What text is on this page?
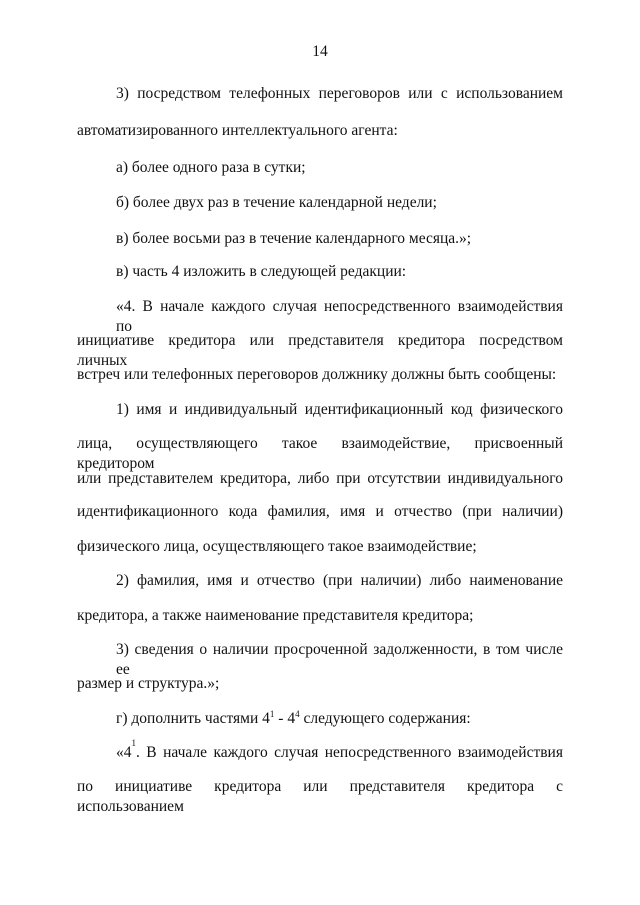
14
3) посредством телефонных переговоров или с использованием
автоматизированного интеллектуального агента:
а) более одного раза в сутки;
б) более двух раз в течение календарной недели;
в) более восьми раз в течение календарного месяца.»;
в) часть 4 изложить в следующей редакции:
«4. В начале каждого случая непосредственного взаимодействия по
инициативе кредитора или представителя кредитора посредством личных
встреч или телефонных переговоров должнику должны быть сообщены:
1) имя и индивидуальный идентификационный код физического
лица, осуществляющего такое взаимодействие, присвоенный кредитором
или представителем кредитора, либо при отсутствии индивидуального
идентификационного кода фамилия, имя и отчество (при наличии)
физического лица, осуществляющего такое взаимодействие;
2) фамилия, имя и отчество (при наличии) либо наименование
кредитора, а также наименование представителя кредитора;
3) сведения о наличии просроченной задолженности, в том числе ее
размер и структура.»;
г) дополнить частями $4^1 - 4^4$ следующего содержания:
«4
1
. В начале каждого случая непосредственного взаимодействия
по инициативе кредитора или представителя кредитора с использованием
